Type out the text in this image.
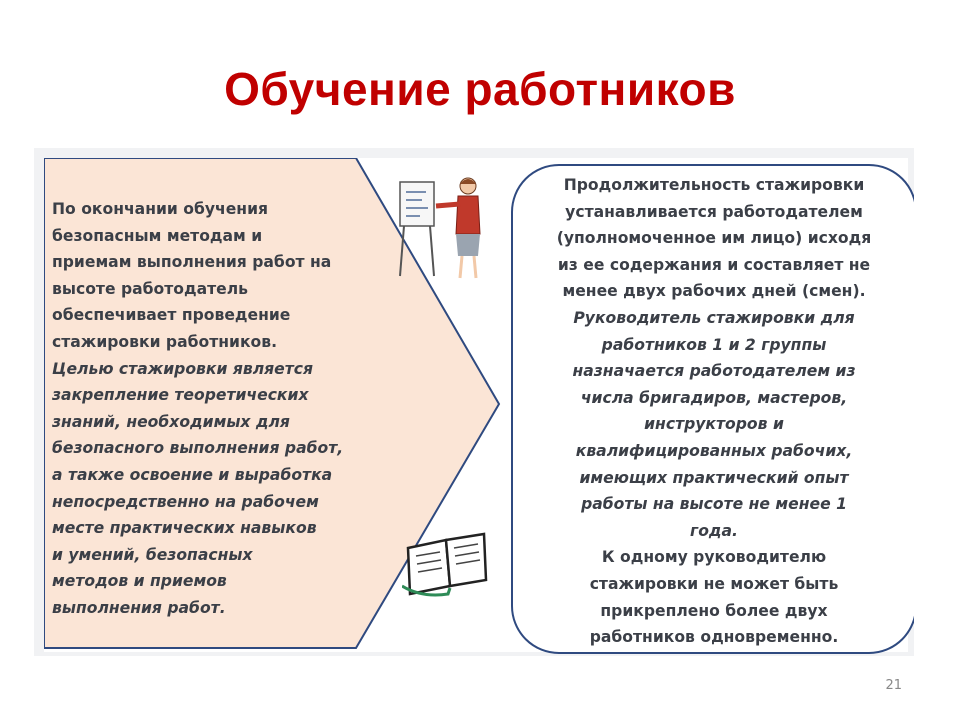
Обучение работников
По окончании обучения
безопасным методам и
приемам выполнения работ на
высоте работодатель
обеспечивает проведение
стажировки работников.
Целью стажировки является
закрепление теоретических
знаний, необходимых для
безопасного выполнения работ,
а также освоение и выработка
непосредственно на рабочем
месте практических навыков
и умений, безопасных
методов и приемов
выполнения работ.
Продолжительность стажировки
устанавливается работодателем
(уполномоченное им лицо) исходя
из ее содержания и составляет не
менее двух рабочих дней (смен).
Руководитель стажировки для
работников 1 и 2 группы
назначается работодателем из
числа бригадиров, мастеров,
инструкторов и
квалифицированных рабочих,
имеющих практический опыт
работы на высоте не менее 1
года.
К одному руководителю
стажировки не может быть
прикреплено более двух
работников одновременно.
21
